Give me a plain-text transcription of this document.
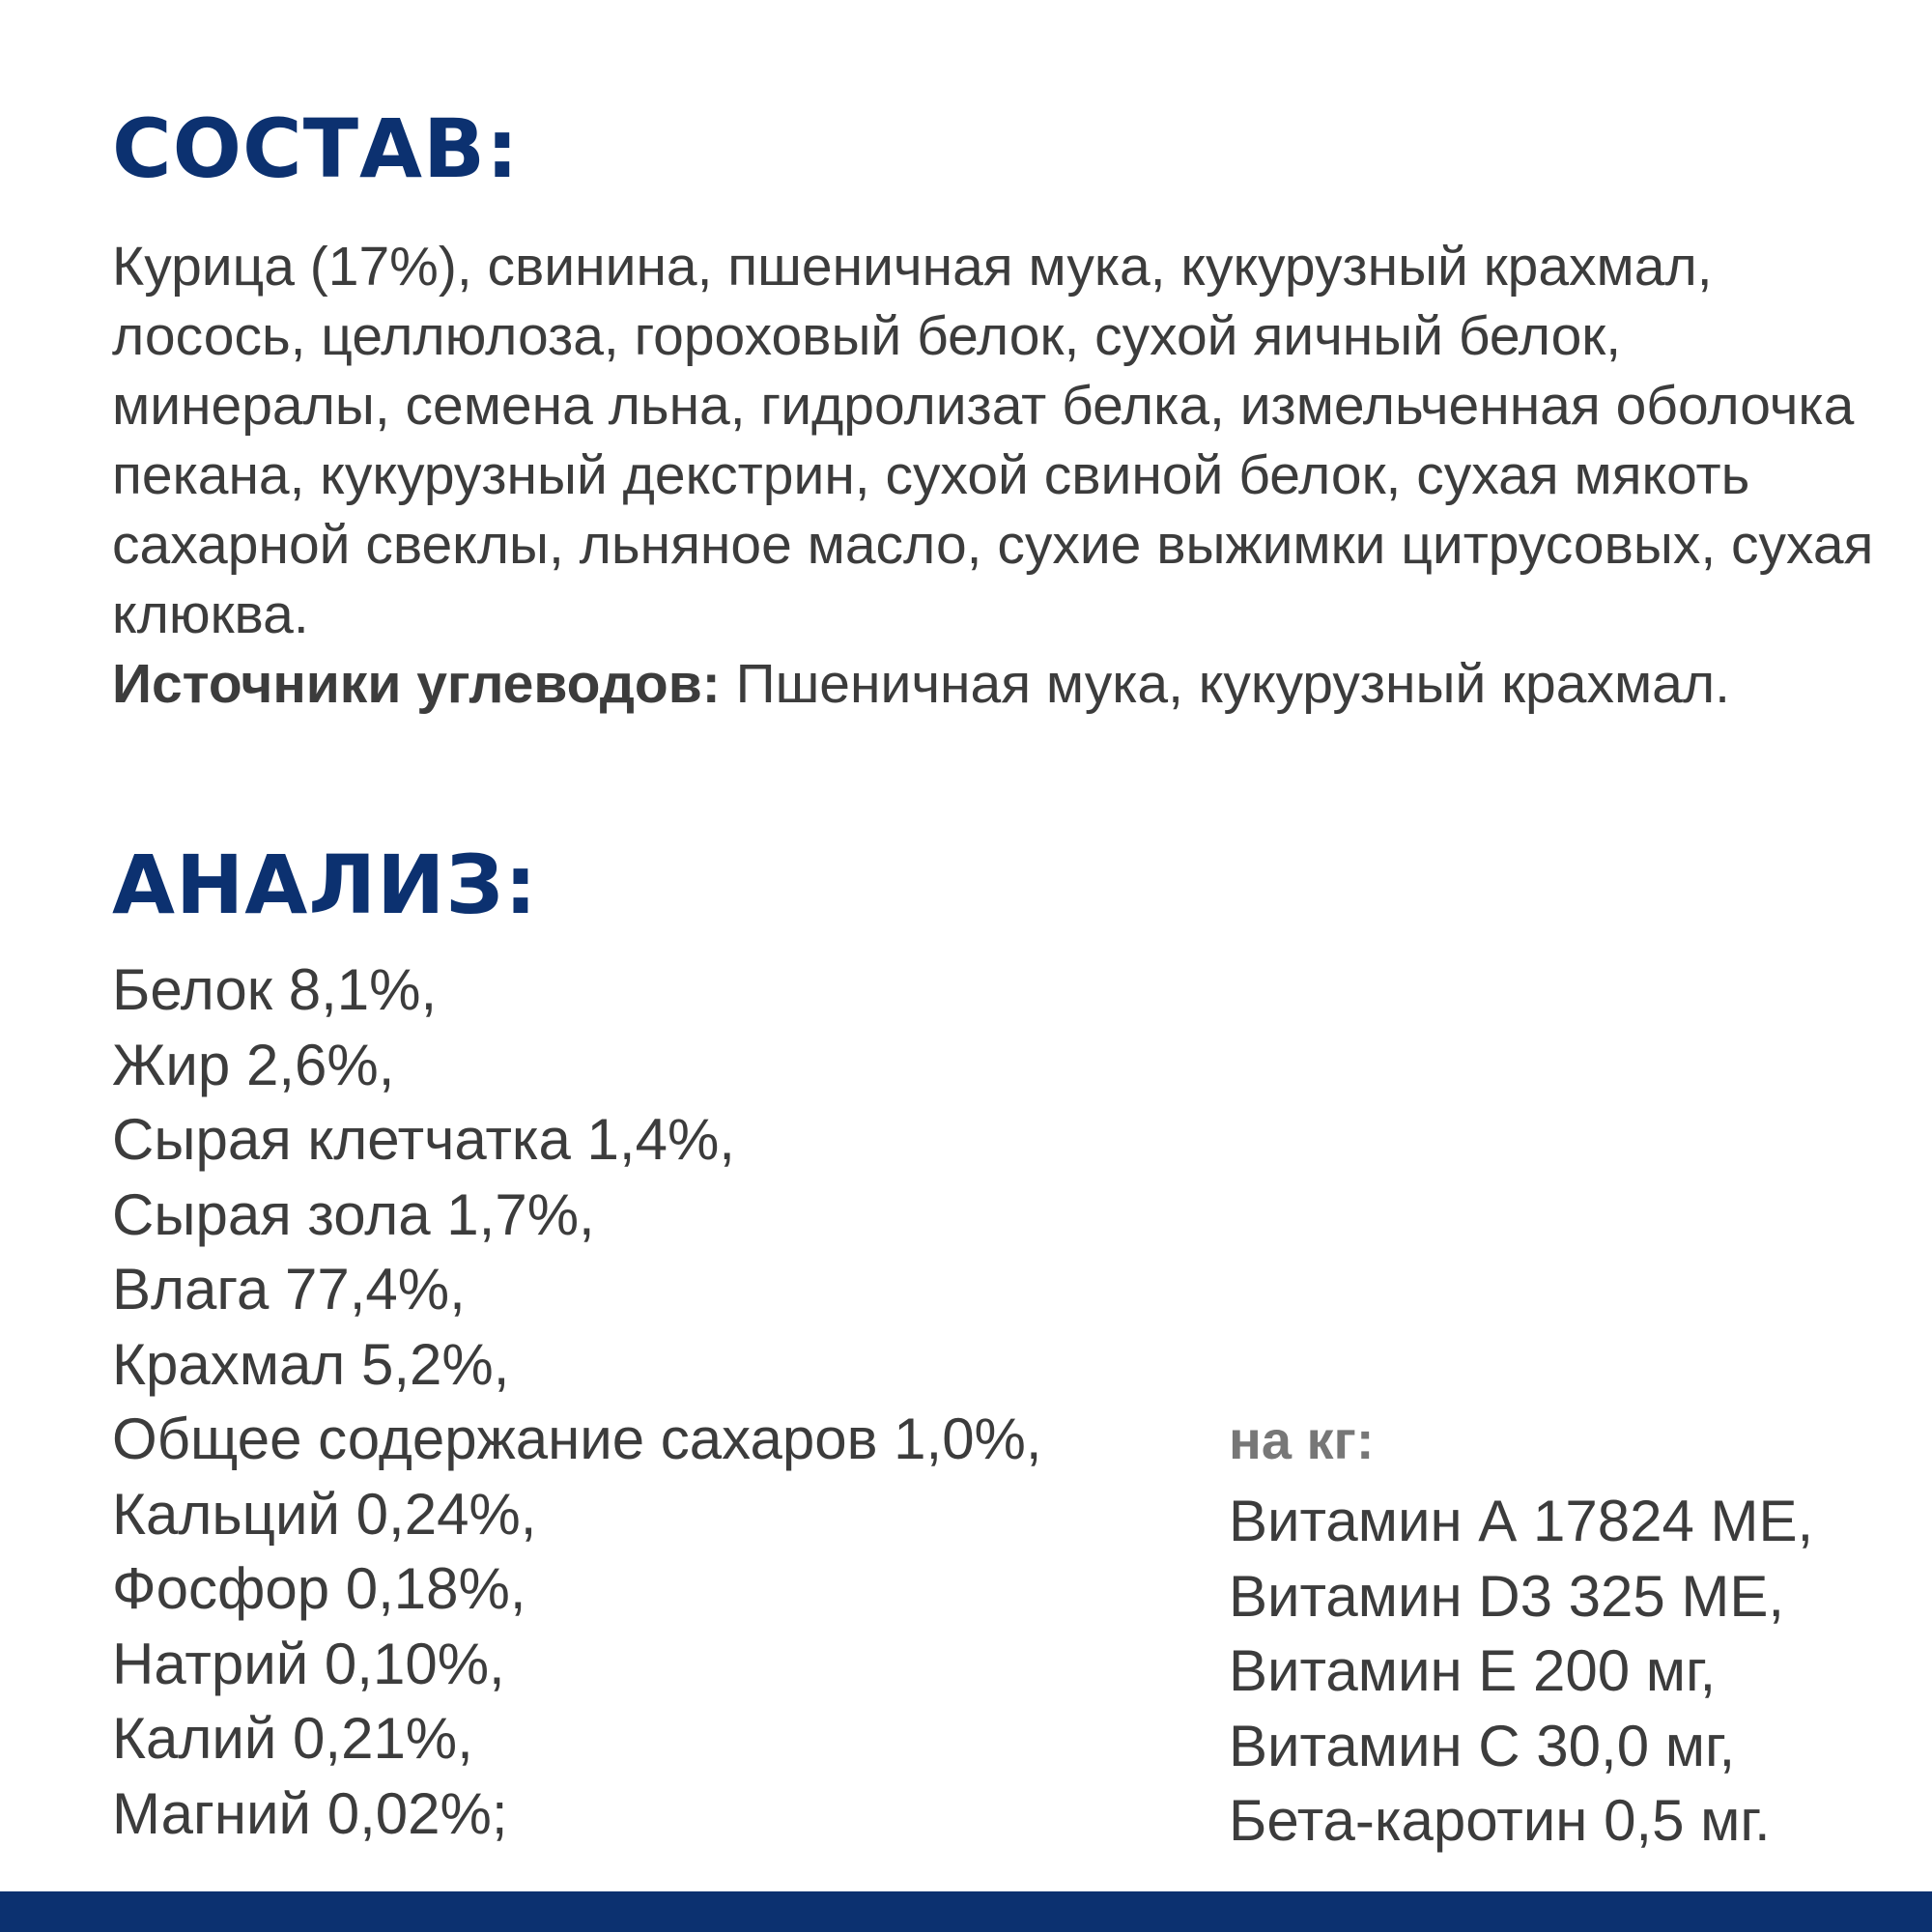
СОСТАВ:

Курица (17%), свинина, пшеничная мука, кукурузный крахмал, лосось, целлюлоза, гороховый белок, сухой яичный белок, минералы, семена льна, гидролизат белка, измельченная оболочка пекана, кукурузный декстрин, сухой свиной белок, сухая мякоть сахарной свеклы, льняное масло, сухие выжимки цитрусовых, сухая клюква.
Источники углеводов: Пшеничная мука, кукурузный крахмал.

АНАЛИЗ:
Белок 8,1%,
Жир 2,6%,
Сырая клетчатка 1,4%,
Сырая зола 1,7%,
Влага 77,4%,
Крахмал 5,2%,
Общее содержание сахаров 1,0%,
Кальций 0,24%,
Фосфор 0,18%,
Натрий 0,10%,
Калий 0,21%,
Магний 0,02%;
на кг:
Витамин А 17824 МЕ,
Витамин D3 325 МЕ,
Витамин Е 200 мг,
Витамин С 30,0 мг,
Бета-каротин 0,5 мг.
